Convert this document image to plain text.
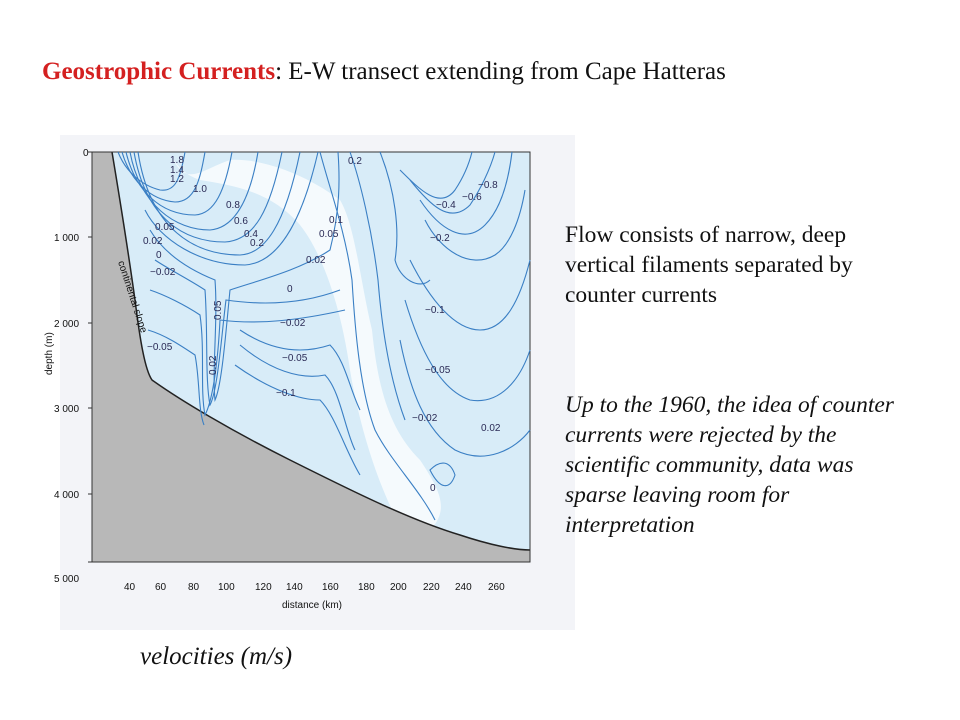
Geostrophic Currents: E-W transect extending from Cape Hatteras
1.8
1.4
1.2
1.0
0.8
0.6
0.4
0.2
0.05
0.02
0
−0.02
−0.05
0.05
0.02
0.2
0.1
0.05
0.02
0
−0.02
−0.05
−0.1
−0.8
−0.6
−0.4
−0.2
−0.1
−0.05
−0.02
0.02
0
continental slope
0
1 000
2 000
3 000
4 000
5 000
depth (m)
40 60 80 100 120 140 160 180 200 220 240 260
distance (km)
Flow consists of narrow, deep vertical filaments separated by counter currents
Up to the 1960, the idea of counter currents were rejected by the scientific community, data was sparse leaving room for interpretation
velocities (m/s)
